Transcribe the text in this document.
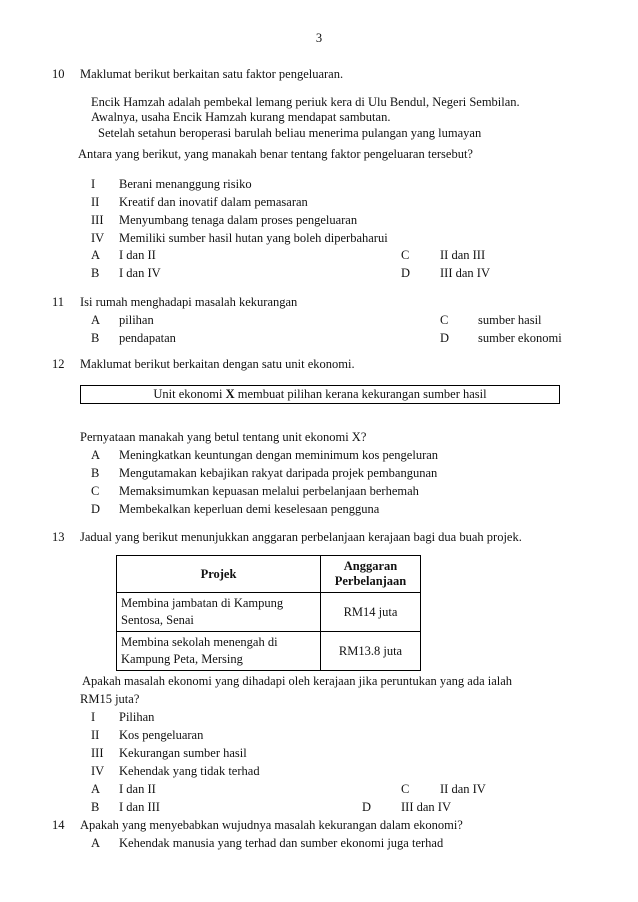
3
10 Maklumat berikut berkaitan satu faktor pengeluaran.
Encik Hamzah adalah pembekal lemang periuk kera di Ulu Bendul, Negeri Sembilan.
Awalnya, usaha Encik Hamzah kurang mendapat sambutan.
Setelah setahun beroperasi barulah beliau menerima pulangan yang lumayan
Antara yang berikut, yang manakah benar tentang faktor pengeluaran tersebut?
I Berani menanggung risiko
II Kreatif dan inovatif dalam pemasaran
III Menyumbang tenaga dalam proses pengeluaran
IV Memiliki sumber hasil hutan yang boleh diperbaharui
A I dan II
B I dan IV
C II dan III
D III dan IV
11 Isi rumah menghadapi masalah kekurangan
A pilihan
B pendapatan
C sumber hasil
D sumber ekonomi
12 Maklumat berikut berkaitan dengan satu unit ekonomi.
Unit ekonomi X membuat pilihan kerana kekurangan sumber hasil
Pernyataan manakah yang betul tentang unit ekonomi X?
A Meningkatkan keuntungan dengan meminimum kos pengeluran
B Mengutamakan kebajikan rakyat daripada projek pembangunan
C Memaksimumkan kepuasan melalui perbelanjaan berhemah
D Membekalkan keperluan demi keselesaan pengguna
13 Jadual yang berikut menunjukkan anggaran perbelanjaan kerajaan bagi dua buah projek.
Projek	Anggaran
Perbelanjaan
Membina jambatan di Kampung
Sentosa, Senai	RM14 juta
Membina sekolah menengah di
Kampung Peta, Mersing	RM13.8 juta
Apakah masalah ekonomi yang dihadapi oleh kerajaan jika peruntukan yang ada ialah
RM15 juta?
I Pilihan
II Kos pengeluaran
III Kekurangan sumber hasil
IV Kehendak yang tidak terhad
A I dan II
B I dan III
C II dan IV
D III dan IV
14 Apakah yang menyebabkan wujudnya masalah kekurangan dalam ekonomi?
A Kehendak manusia yang terhad dan sumber ekonomi juga terhad
